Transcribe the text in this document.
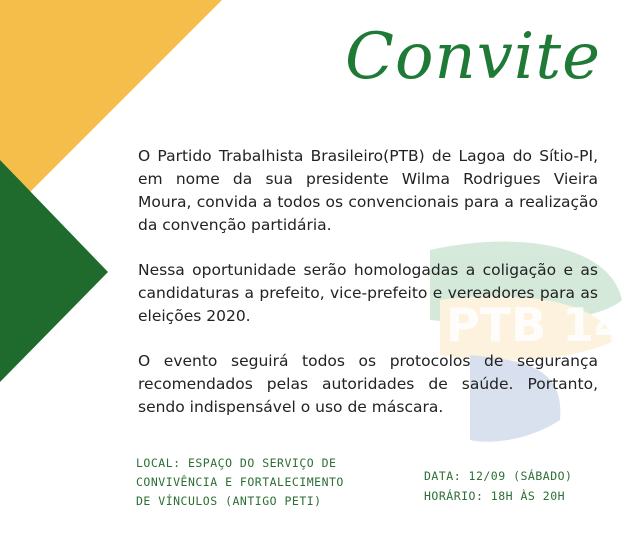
PTB 14
Convite

O Partido Trabalhista Brasileiro(PTB) de Lagoa do Sítio-PI, em nome da sua presidente Wilma Rodrigues Vieira Moura, convida a todos os convencionais para a realização da convenção partidária.

Nessa oportunidade serão homologadas a coligação e as candidaturas a prefeito, vice-prefeito e vereadores para as eleições 2020.

O evento seguirá todos os protocolos de segurança recomendados pelas autoridades de saúde. Portanto, sendo indispensável o uso de máscara.

LOCAL: ESPAÇO DO SERVIÇO DE
CONVIVÊNCIA E FORTALECIMENTO
DE VÍNCULOS (ANTIGO PETI)
DATA: 12/09 (SÁBADO)
HORÁRIO: 18H ÀS 20H
